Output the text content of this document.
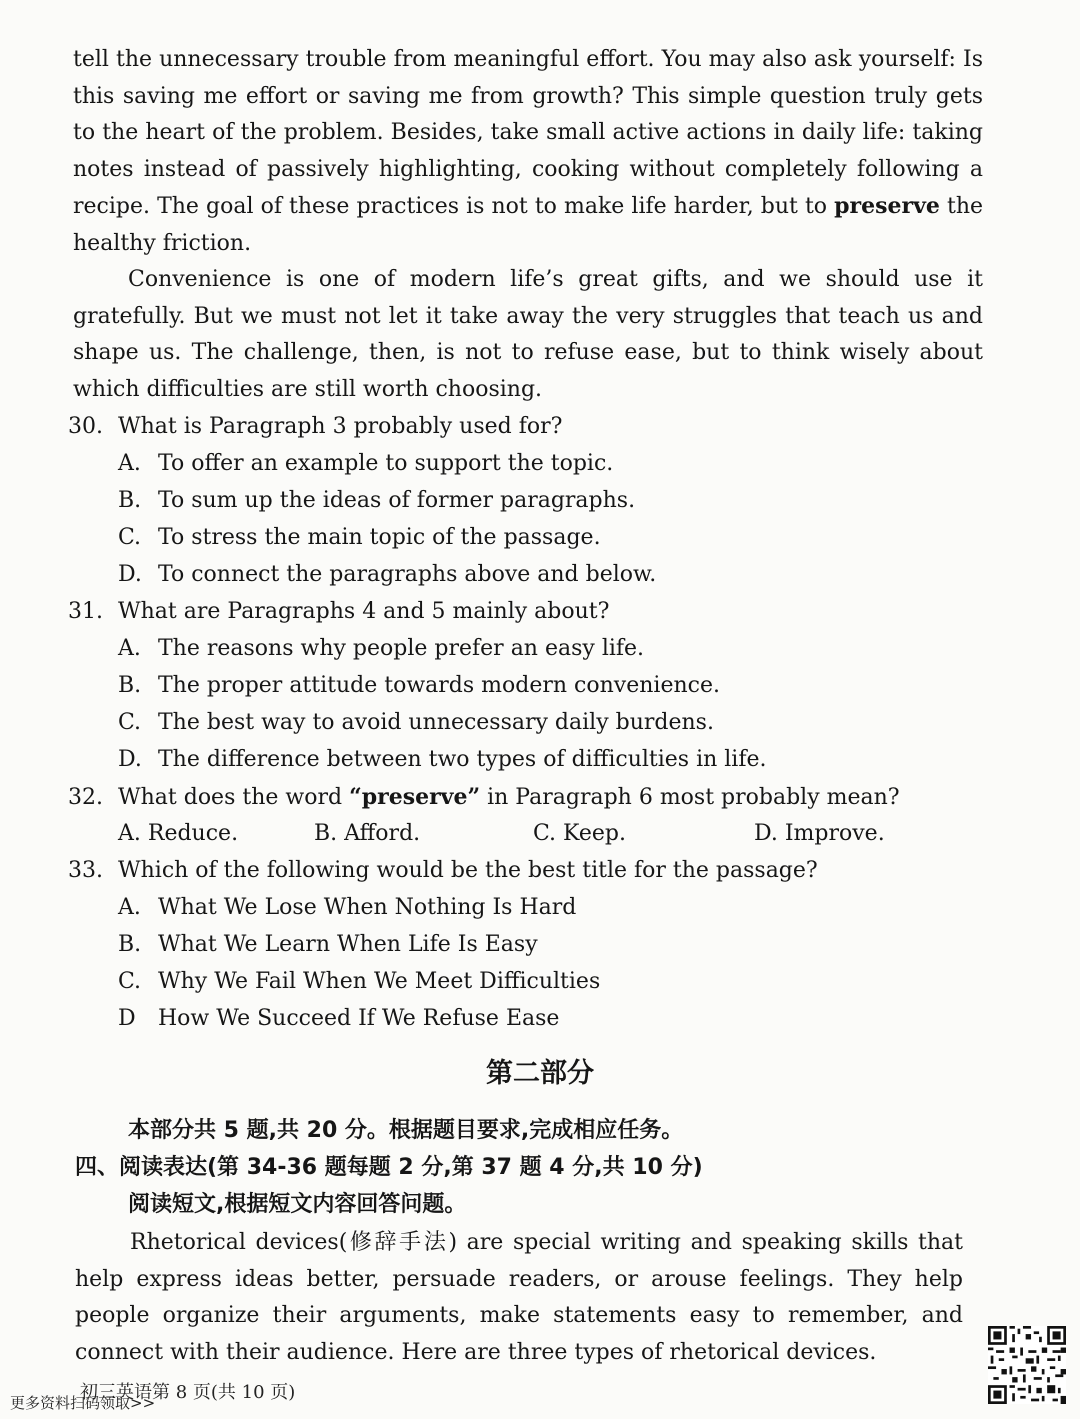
tell the unnecessary trouble from meaningful effort. You may also ask yourself: Is this saving me effort or saving me from growth? This simple question truly gets to the heart of the problem. Besides, take small active actions in daily life: taking notes instead of passively highlighting, cooking without completely following a recipe. The goal of these practices is not to make life harder, but to preserve the healthy friction.

Convenience is one of modern life’s great gifts, and we should use it gratefully. But we must not let it take away the very struggles that teach us and shape us. The challenge, then, is not to refuse ease, but to think wisely about which difficulties are still worth choosing.

30. What is Paragraph 3 probably used for?
A. To offer an example to support the topic.
B. To sum up the ideas of former paragraphs.
C. To stress the main topic of the passage.
D. To connect the paragraphs above and below.
31. What are Paragraphs 4 and 5 mainly about?
A. The reasons why people prefer an easy life.
B. The proper attitude towards modern convenience.
C. The best way to avoid unnecessary daily burdens.
D. The difference between two types of difficulties in life.
32. What does the word “preserve” in Paragraph 6 most probably mean?
A. Reduce.	B. Afford.	C. Keep.	D. Improve.
33. Which of the following would be the best title for the passage?
A. What We Lose When Nothing Is Hard
B. What We Learn When Life Is Easy
C. Why We Fail When We Meet Difficulties
D How We Succeed If We Refuse Ease
第二部分
本部分共 5 题,共 20 分。根据题目要求,完成相应任务。
四、阅读表达(第 34-36 题每题 2 分,第 37 题 4 分,共 10 分)
阅读短文,根据短文内容回答问题。

Rhetorical devices(修辞手法) are special writing and speaking skills that help express ideas better, persuade readers, or arouse feelings. They help people organize their arguments, make statements easy to remember, and connect with their audience. Here are three types of rhetorical devices.

初三英语第 8 页(共 10 页)
更多资料扫码领取>>
